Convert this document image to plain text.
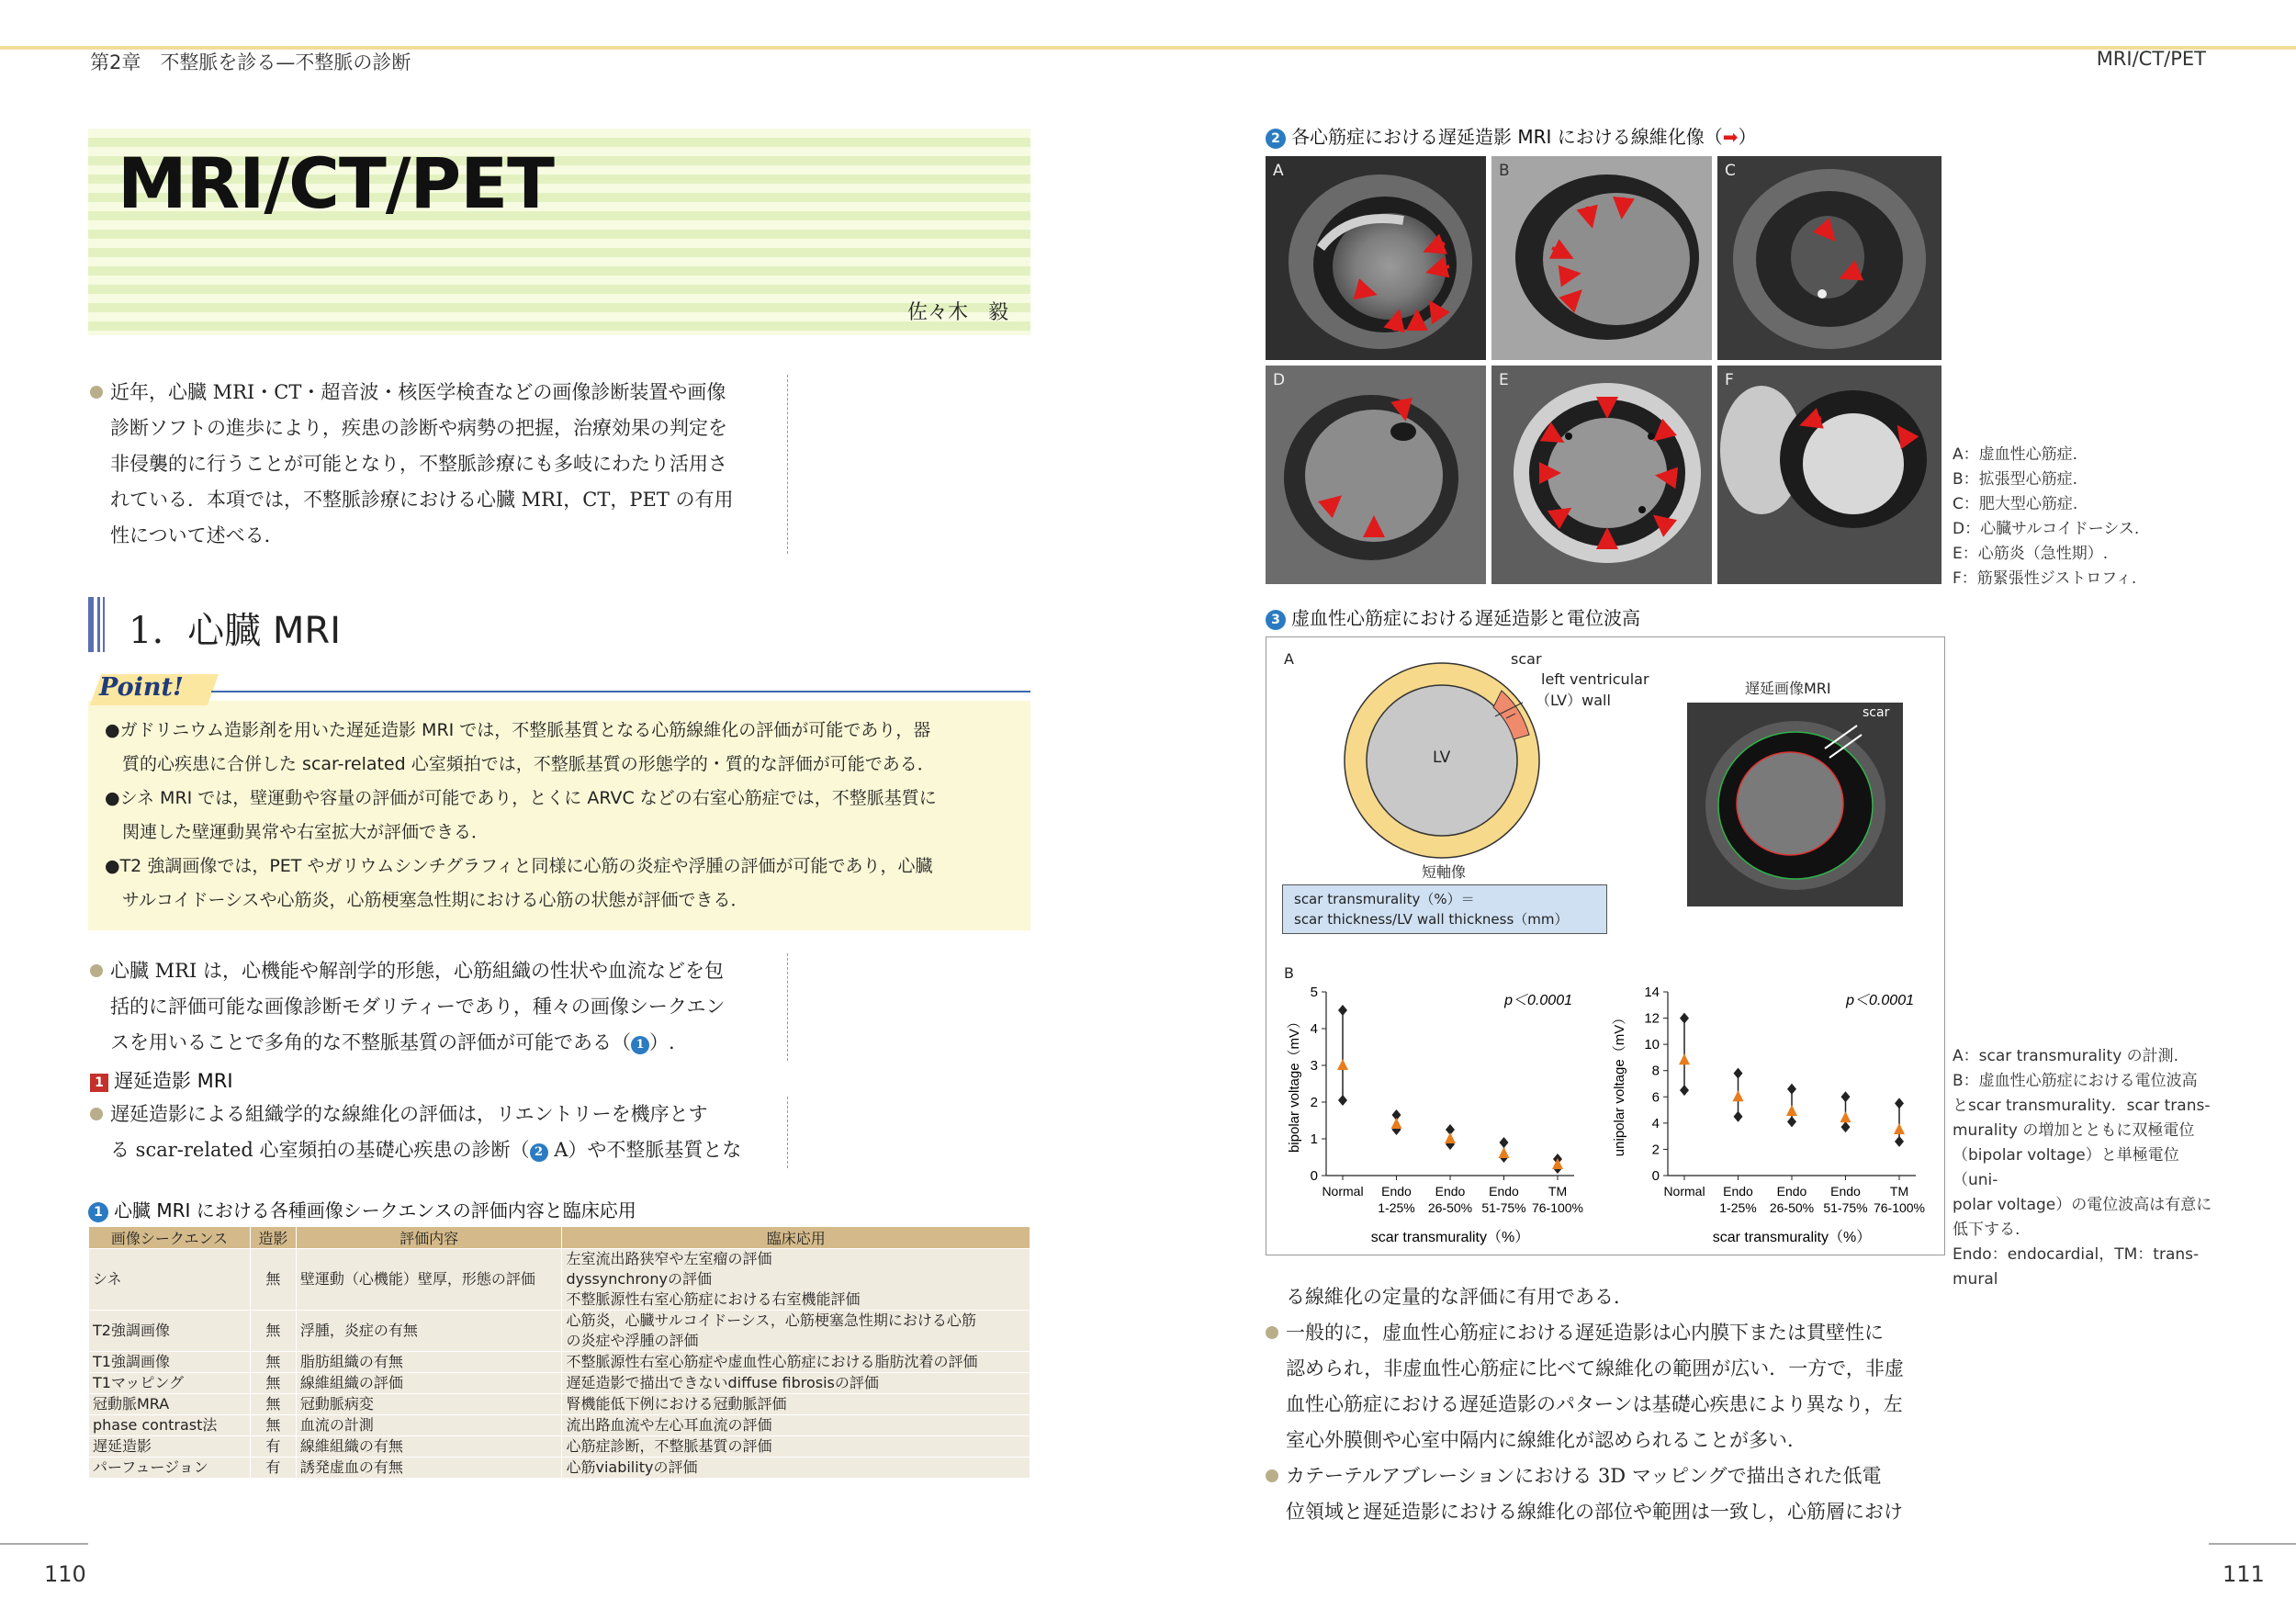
第2章　不整脈を診る—不整脈の診断	MRI/CT/PET
110	111
MRI/CT/PET
佐々木　毅
近年，心臓 MRI・CT・超音波・核医学検査などの画像診断装置や画像
診断ソフトの進歩により，疾患の診断や病勢の把握，治療効果の判定を
非侵襲的に行うことが可能となり，不整脈診療にも多岐にわたり活用さ
れている．本項では，不整脈診療における心臓 MRI，CT，PET の有用
性について述べる．
1. 心臓 MRI
Point!
●ガドリニウム造影剤を用いた遅延造影 MRI では，不整脈基質となる心筋線維化の評価が可能であり，器
　質的心疾患に合併した scar-related 心室頻拍では，不整脈基質の形態学的・質的な評価が可能である．
●シネ MRI では，壁運動や容量の評価が可能であり，とくに ARVC などの右室心筋症では，不整脈基質に
　関連した壁運動異常や右室拡大が評価できる．
●T2 強調画像では，PET やガリウムシンチグラフィと同様に心筋の炎症や浮腫の評価が可能であり，心臓
　サルコイドーシスや心筋炎，心筋梗塞急性期における心筋の状態が評価できる．
心臓 MRI は，心機能や解剖学的形態，心筋組織の性状や血流などを包
括的に評価可能な画像診断モダリティーであり，種々の画像シークエン
スを用いることで多角的な不整脈基質の評価が可能である（ 1 ）.
1 遅延造影 MRI
遅延造影による組織学的な線維化の評価は，リエントリーを機序とす
る scar-related 心室頻拍の基礎心疾患の診断（ 2 A）や不整脈基質とな
1 心臓 MRI における各種画像シークエンスの評価内容と臨床応用
画像シークエンス	造影	評価内容	臨床応用
シネ	無	壁運動（心機能）壁厚，形態の評価	左室流出路狭窄や左室瘤の評価
dyssynchronyの評価
不整脈源性右室心筋症における右室機能評価

T2強調画像	無	浮腫，炎症の有無	心筋炎，心臓サルコイドーシス，心筋梗塞急性期における心筋
の炎症や浮腫の評価

T1強調画像	無	脂肪組織の有無	不整脈源性右室心筋症や虚血性心筋症における脂肪沈着の評価
T1マッピング	無	線維組織の評価	遅延造影で描出できないdiffuse fibrosisの評価
冠動脈MRA	無	冠動脈病変	腎機能低下例における冠動脈評価
phase contrast法	無	血流の計測	流出路血流や左心耳血流の評価
遅延造影	有	線維組織の有無	心筋症診断，不整脈基質の評価
パーフュージョン	有	誘発虚血の有無	心筋viabilityの評価
2 各心筋症における遅延造影 MRI における線維化像（➡）
A	B	C
D	E	F
A：虚血性心筋症.
B：拡張型心筋症.
C：肥大型心筋症.
D：心臓サルコイドーシス.
E：心筋炎（急性期）.
F：筋緊張性ジストロフィ.
3 虚血性心筋症における遅延造影と電位波高
A
B
scar
left ventricular
（LV）wall
LV
短軸像
scar transmurality（%）＝
scar thickness/LV wall thickness（mm）
遅延画像MRI
scar
0
1
2
3
4
5
bipolar voltage（mV）
p＜0.0001
Normal Endo
1-25%
Endo
26-50%
Endo
51-75%
TM
76-100%
scar transmurality（%）
0
2
4
6
8
10
12
14
unipolar voltage（mV）
p＜0.0001
Normal Endo
1-25%
Endo
26-50%
Endo
51-75%
TM
76-100%
scar transmurality（%）
A：scar transmurality の計測.
B：虚血性心筋症における電位波高
とscar transmurality．scar trans-
murality の増加とともに双極電位
（bipolar voltage）と単極電位（uni-
polar voltage）の電位波高は有意に
低下する.
Endo：endocardial，TM：trans-
mural
る線維化の定量的な評価に有用である．
一般的に，虚血性心筋症における遅延造影は心内膜下または貫壁性に
認められ，非虚血性心筋症に比べて線維化の範囲が広い．一方で，非虚
血性心筋症における遅延造影のパターンは基礎心疾患により異なり，左
室心外膜側や心室中隔内に線維化が認められることが多い．
カテーテルアブレーションにおける 3D マッピングで描出された低電
位領域と遅延造影における線維化の部位や範囲は一致し，心筋層におけ
